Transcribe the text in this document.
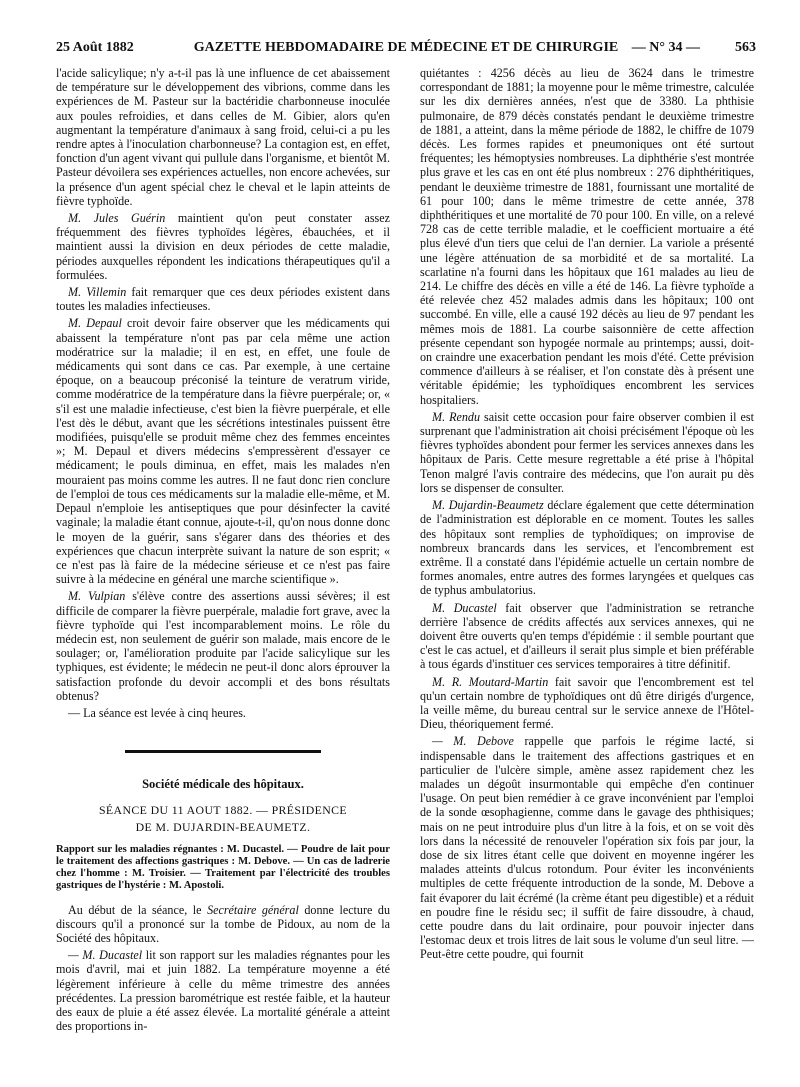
25 Août 1882	GAZETTE HEBDOMADAIRE DE MÉDECINE ET DE CHIRURGIE — N° 34 —	563

l'acide salicylique; n'y a-t-il pas là une influence de cet abaissement de température sur le développement des vibrions, comme dans les expériences de M. Pasteur sur la bactéridie charbonneuse inoculée aux poules refroidies, et dans celles de M. Gibier, alors qu'en augmentant la température d'animaux à sang froid, celui-ci a pu les rendre aptes à l'inoculation charbonneuse? La contagion est, en effet, fonction d'un agent vivant qui pullule dans l'organisme, et bientôt M. Pasteur dévoilera ses expériences actuelles, non encore achevées, sur la présence d'un agent spécial chez le cheval et le lapin atteints de fièvre typhoïde.

M. Jules Guérin maintient qu'on peut constater assez fréquemment des fièvres typhoïdes légères, ébauchées, et il maintient aussi la division en deux périodes de cette maladie, périodes auxquelles répondent les indications thérapeutiques qu'il a formulées.

M. Villemin fait remarquer que ces deux périodes existent dans toutes les maladies infectieuses.

M. Depaul croit devoir faire observer que les médicaments qui abaissent la température n'ont pas par cela même une action modératrice sur la maladie; il en est, en effet, une foule de médicaments qui sont dans ce cas. Par exemple, à une certaine époque, on a beaucoup préconisé la teinture de veratrum viride, comme modératrice de la température dans la fièvre puerpérale; or, « s'il est une maladie infectieuse, c'est bien la fièvre puerpérale, et elle l'est dès le début, avant que les sécrétions intestinales puissent être modifiées, puisqu'elle se produit même chez des femmes enceintes »; M. Depaul et divers médecins s'empressèrent d'essayer ce médicament; le pouls diminua, en effet, mais les malades n'en mouraient pas moins comme les autres. Il ne faut donc rien conclure de l'emploi de tous ces médicaments sur la maladie elle-même, et M. Depaul n'emploie les antiseptiques que pour désinfecter la cavité vaginale; la maladie étant connue, ajoute-t-il, qu'on nous donne donc le moyen de la guérir, sans s'égarer dans des théories et des expériences que chacun interprète suivant la nature de son esprit; « ce n'est pas là faire de la médecine sérieuse et ce n'est pas faire suivre à la médecine en général une marche scientifique ».

M. Vulpian s'élève contre des assertions aussi sévères; il est difficile de comparer la fièvre puerpérale, maladie fort grave, avec la fièvre typhoïde qui l'est incomparablement moins. Le rôle du médecin est, non seulement de guérir son malade, mais encore de le soulager; or, l'amélioration produite par l'acide salicylique sur les typhiques, est évidente; le médecin ne peut-il donc alors éprouver la satisfaction profonde du devoir accompli et des bons résultats obtenus?

— La séance est levée à cinq heures.

Société médicale des hôpitaux.
SÉANCE DU 11 AOUT 1882. — PRÉSIDENCE
DE M. DUJARDIN-BEAUMETZ.
Rapport sur les maladies régnantes : M. Ducastel. — Poudre de lait pour le traitement des affections gastriques : M. Debove. — Un cas de ladrerie chez l'homme : M. Troisier. — Traitement par l'électricité des troubles gastriques de l'hystérie : M. Apostoli.

Au début de la séance, le Secrétaire général donne lecture du discours qu'il a prononcé sur la tombe de Pidoux, au nom de la Société des hôpitaux.

— M. Ducastel lit son rapport sur les maladies régnantes pour les mois d'avril, mai et juin 1882. La température moyenne a été légèrement inférieure à celle du même trimestre des années précédentes. La pression barométrique est restée faible, et la hauteur des eaux de pluie a été assez élevée. La mortalité générale a atteint des proportions in-

quiétantes : 4256 décès au lieu de 3624 dans le trimestre correspondant de 1881; la moyenne pour le même trimestre, calculée sur les dix dernières années, n'est que de 3380. La phthisie pulmonaire, de 879 décès constatés pendant le deuxième trimestre de 1881, a atteint, dans la même période de 1882, le chiffre de 1079 décès. Les formes rapides et pneumoniques ont été surtout fréquentes; les hémoptysies nombreuses. La diphthérie s'est montrée plus grave et les cas en ont été plus nombreux : 276 diphthéritiques, pendant le deuxième trimestre de 1881, fournissant une mortalité de 61 pour 100; dans le même trimestre de cette année, 378 diphthéritiques et une mortalité de 70 pour 100. En ville, on a relevé 728 cas de cette terrible maladie, et le coefficient mortuaire a été plus élevé d'un tiers que celui de l'an dernier. La variole a présenté une légère atténuation de sa morbidité et de sa mortalité. La scarlatine n'a fourni dans les hôpitaux que 161 malades au lieu de 214. Le chiffre des décès en ville a été de 146. La fièvre typhoïde a été relevée chez 452 malades admis dans les hôpitaux; 100 ont succombé. En ville, elle a causé 192 décès au lieu de 97 pendant les mêmes mois de 1881. La courbe saisonnière de cette affection présente cependant son hypogée normale au printemps; aussi, doit-on craindre une exacerbation pendant les mois d'été. Cette prévision commence d'ailleurs à se réaliser, et l'on constate dès à présent une véritable épidémie; les typhoïdiques encombrent les services hospitaliers.

M. Rendu saisit cette occasion pour faire observer combien il est surprenant que l'administration ait choisi précisément l'époque où les fièvres typhoïdes abondent pour fermer les services annexes dans les hôpitaux de Paris. Cette mesure regrettable a été prise à l'hôpital Tenon malgré l'avis contraire des médecins, que l'on aurait pu dès lors se dispenser de consulter.

M. Dujardin-Beaumetz déclare également que cette détermination de l'administration est déplorable en ce moment. Toutes les salles des hôpitaux sont remplies de typhoïdiques; on improvise de nombreux brancards dans les services, et l'encombrement est extrême. Il a constaté dans l'épidémie actuelle un certain nombre de formes anomales, entre autres des formes laryngées et quelques cas de typhus ambulatorius.

M. Ducastel fait observer que l'administration se retranche derrière l'absence de crédits affectés aux services annexes, qui ne doivent être ouverts qu'en temps d'épidémie : il semble pourtant que c'est le cas actuel, et d'ailleurs il serait plus simple et bien préférable à tous égards d'instituer ces services temporaires à titre définitif.

M. R. Moutard-Martin fait savoir que l'encombrement est tel qu'un certain nombre de typhoïdiques ont dû être dirigés d'urgence, la veille même, du bureau central sur le service annexe de l'Hôtel-Dieu, théoriquement fermé.

— M. Debove rappelle que parfois le régime lacté, si indispensable dans le traitement des affections gastriques et en particulier de l'ulcère simple, amène assez rapidement chez les malades un dégoût insurmontable qui empêche d'en continuer l'usage. On peut bien remédier à ce grave inconvénient par l'emploi de la sonde œsophagienne, comme dans le gavage des phthisiques; mais on ne peut introduire plus d'un litre à la fois, et on se voit dès lors dans la nécessité de renouveler l'opération six fois par jour, la dose de six litres étant celle que doivent en moyenne ingérer les malades atteints d'ulcus rotondum. Pour éviter les inconvénients multiples de cette fréquente introduction de la sonde, M. Debove a fait évaporer du lait écrémé (la crème étant peu digestible) et a réduit en poudre fine le résidu sec; il suffit de faire dissoudre, à chaud, cette poudre dans du lait ordinaire, pour pouvoir injecter dans l'estomac deux et trois litres de lait sous le volume d'un seul litre. — Peut-être cette poudre, qui fournit
